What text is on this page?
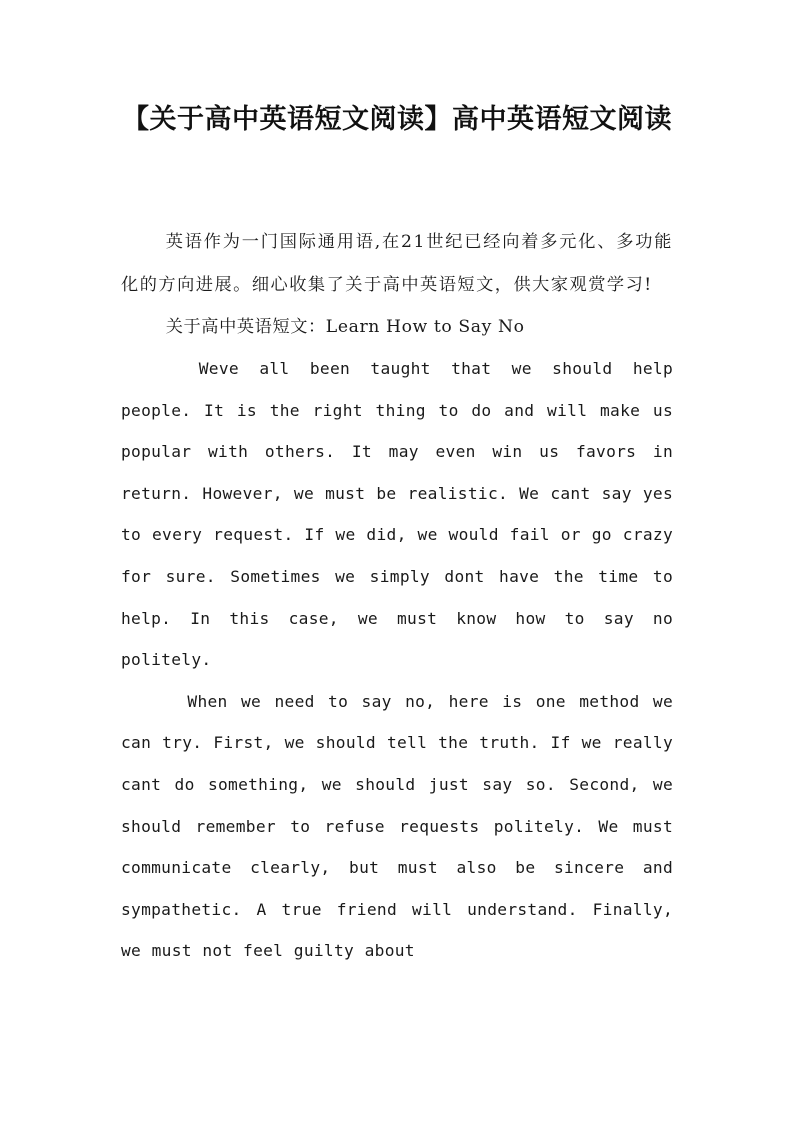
【关于高中英语短文阅读】高中英语短文阅读

英语作为一门国际通用语,在21世纪已经向着多元化、多功能化的方向进展。细心收集了关于高中英语短文，供大家观赏学习!

关于高中英语短文：Learn How to Say No

Weve all been taught that we should help people. It is the right thing to do and will make us popular with others. It may even win us favors in return. However, we must be realistic. We cant say yes to every request. If we did, we would fail or go crazy for sure. Sometimes we simply dont have the time to help. In this case, we must know how to say no politely.

When we need to say no, here is one method we can try. First, we should tell the truth. If we really cant do something, we should just say so. Second, we should remember to refuse requests politely. We must communicate clearly, but must also be sincere and sympathetic. A true friend will understand. Finally, we must not feel guilty about
